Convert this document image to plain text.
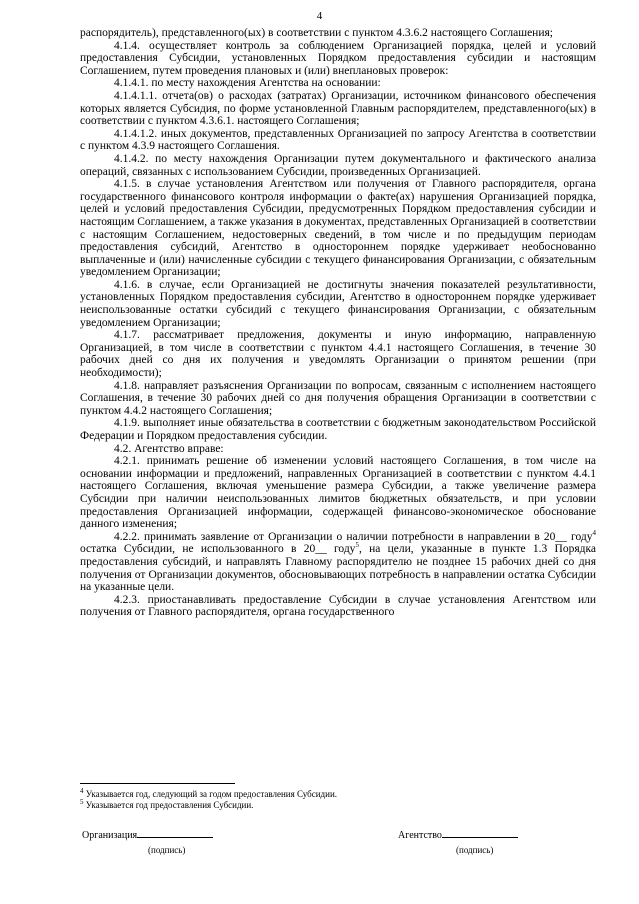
4

распорядитель), представленного(ых) в соответствии с пунктом 4.3.6.2 настоящего Соглашения;

4.1.4. осуществляет контроль за соблюдением Организацией порядка, целей и условий предоставления Субсидии, установленных Порядком предоставления субсидии и настоящим Соглашением, путем проведения плановых и (или) внеплановых проверок:

4.1.4.1. по месту нахождения Агентства на основании:

4.1.4.1.1. отчета(ов) о расходах (затратах) Организации, источником финансового обеспечения которых является Субсидия, по форме установленной Главным распорядителем, представленного(ых) в соответствии с пунктом 4.3.6.1. настоящего Соглашения;

4.1.4.1.2. иных документов, представленных Организацией по запросу Агентства в соответствии с пунктом 4.3.9 настоящего Соглашения.

4.1.4.2. по месту нахождения Организации путем документального и фактического анализа операций, связанных с использованием Субсидии, произведенных Организацией.

4.1.5. в случае установления Агентством или получения от Главного распорядителя, органа государственного финансового контроля информации о факте(ах) нарушения Организацией порядка, целей и условий предоставления Субсидии, предусмотренных Порядком предоставления субсидии и настоящим Соглашением, а также указания в документах, представленных Организацией в соответствии с настоящим Соглашением, недостоверных сведений, в том числе и по предыдущим периодам предоставления субсидий, Агентство в одностороннем порядке удерживает необоснованно выплаченные и (или) начисленные субсидии с текущего финансирования Организации, с обязательным уведомлением Организации;

4.1.6. в случае, если Организацией не достигнуты значения показателей результативности, установленных Порядком предоставления субсидии, Агентство в одностороннем порядке удерживает неиспользованные остатки субсидий с текущего финансирования Организации, с обязательным уведомлением Организации;

4.1.7. рассматривает предложения, документы и иную информацию, направленную Организацией, в том числе в соответствии с пунктом 4.4.1 настоящего Соглашения, в течение 30 рабочих дней со дня их получения и уведомлять Организации о принятом решении (при необходимости);

4.1.8. направляет разъяснения Организации по вопросам, связанным с исполнением настоящего Соглашения, в течение 30 рабочих дней со дня получения обращения Организации в соответствии с пунктом 4.4.2 настоящего Соглашения;

4.1.9. выполняет иные обязательства в соответствии с бюджетным законодательством Российской Федерации и Порядком предоставления субсидии.

4.2. Агентство вправе:

4.2.1. принимать решение об изменении условий настоящего Соглашения, в том числе на основании информации и предложений, направленных Организацией в соответствии с пунктом 4.4.1 настоящего Соглашения, включая уменьшение размера Субсидии, а также увеличение размера Субсидии при наличии неиспользованных лимитов бюджетных обязательств, и при условии предоставления Организацией информации, содержащей финансово-экономическое обоснование данного изменения;

4.2.2. принимать заявление от Организации о наличии потребности в направлении в 20__ году$^4$ остатка Субсидии, не использованного в 20__ году$^5$, на цели, указанные в пункте 1.3 Порядка предоставления субсидий, и направлять Главному распорядителю не позднее 15 рабочих дней со дня получения от Организации документов, обосновывающих потребность в направлении остатка Субсидии на указанные цели.

4.2.3. приостанавливать предоставление Субсидии в случае установления Агентством или получения от Главного распорядителя, органа государственного

$^4$ Указывается год, следующий за годом предоставления Субсидии.

$^5$ Указывается год предоставления Субсидии.

Организация
(подпись)
Агентство
(подпись)
